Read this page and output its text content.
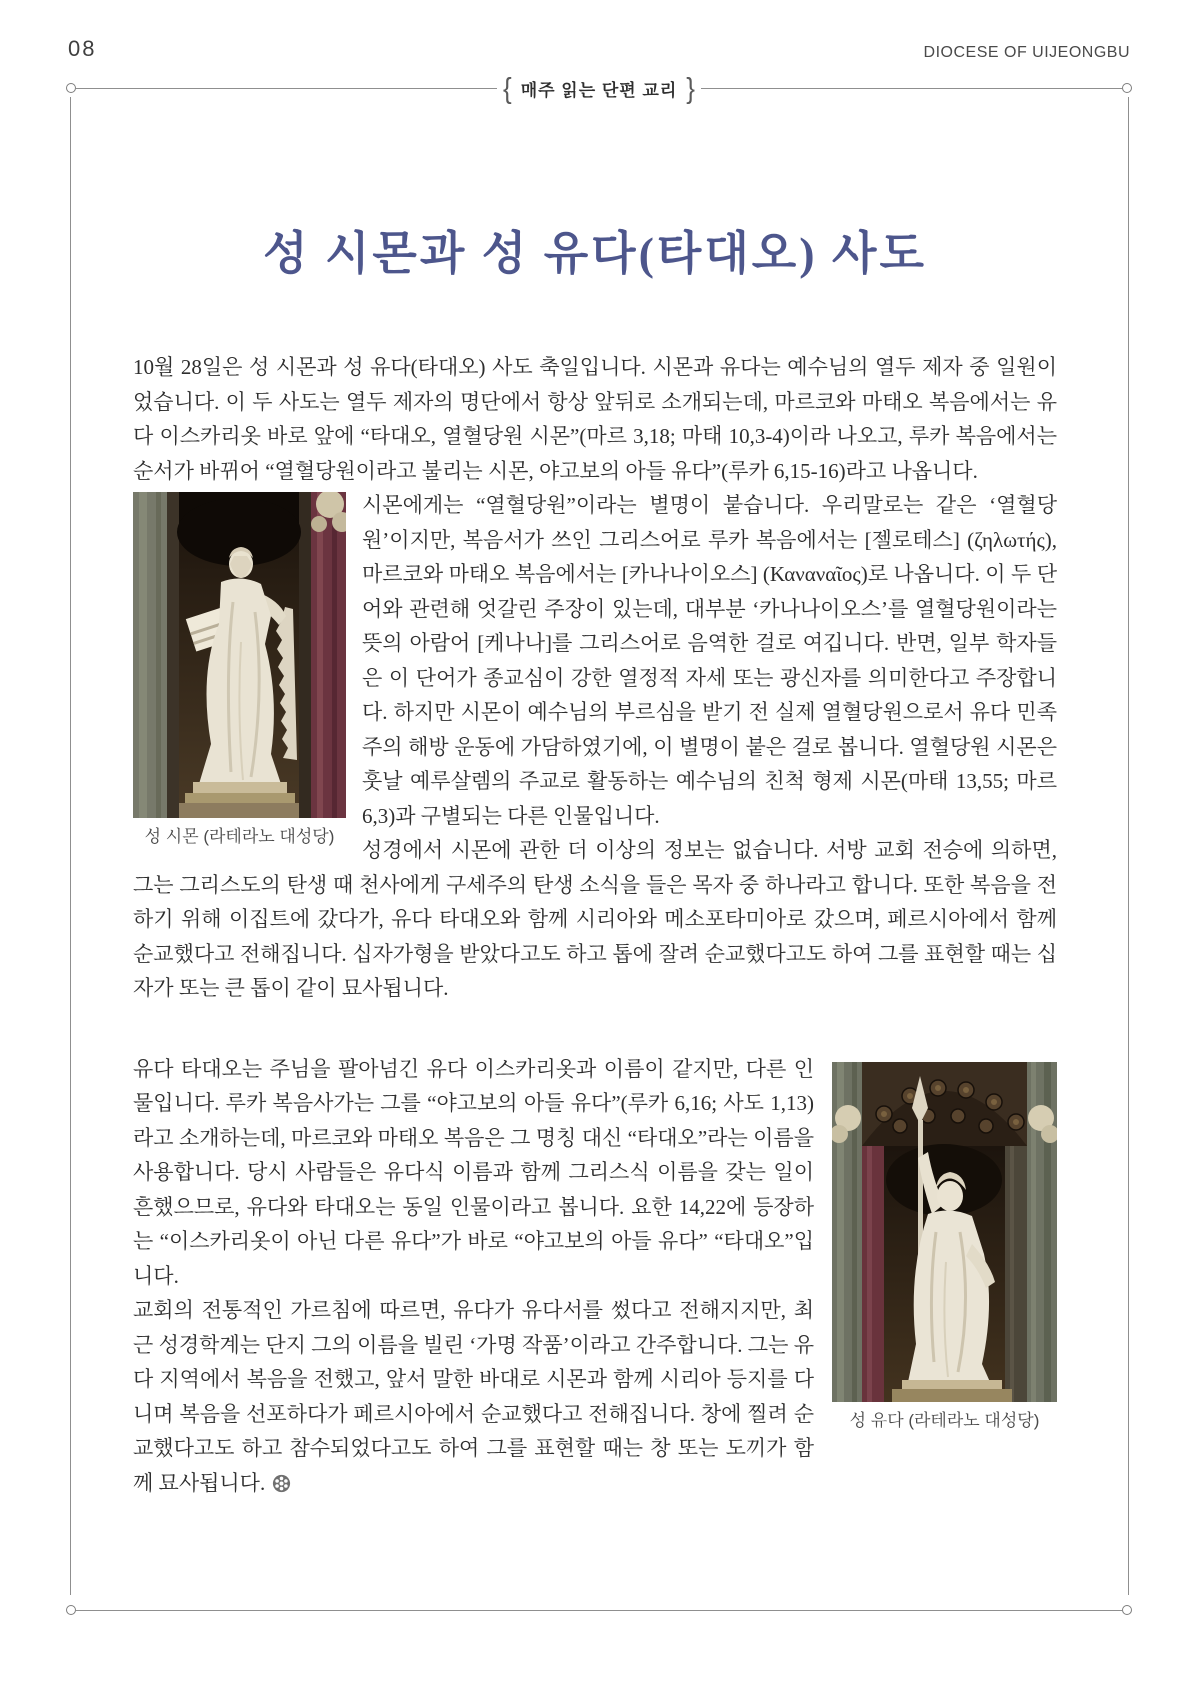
08	DIOCESE OF UIJEONGBU
{ 매주 읽는 단편 교리 }
성 시몬과 성 유다(타대오) 사도

10월 28일은 성 시몬과 성 유다(타대오) 사도 축일입니다. 시몬과 유다는 예수님의 열두 제자 중 일원이었습니다. 이 두 사도는 열두 제자의 명단에서 항상 앞뒤로 소개되는데, 마르코와 마태오 복음에서는 유다 이스카리옷 바로 앞에 “타대오, 열혈당원 시몬”(마르 3,18; 마태 10,3-4)이라 나오고, 루카 복음에서는 순서가 바뀌어 “열혈당원이라고 불리는 시몬, 야고보의 아들 유다”(루카 6,15-16)라고 나옵니다.

성 시몬 (라테라노 대성당)

시몬에게는 “열혈당원”이라는 별명이 붙습니다. 우리말로는 같은 ‘열혈당원’이지만, 복음서가 쓰인 그리스어로 루카 복음에서는 [젤로테스] (ζηλωτής), 마르코와 마태오 복음에서는 [카나나이오스] (Καναναῖος)로 나옵니다. 이 두 단어와 관련해 엇갈린 주장이 있는데, 대부분 ‘카나나이오스’를 열혈당원이라는 뜻의 아람어 [케나나]를 그리스어로 음역한 걸로 여깁니다. 반면, 일부 학자들은 이 단어가 종교심이 강한 열정적 자세 또는 광신자를 의미한다고 주장합니다. 하지만 시몬이 예수님의 부르심을 받기 전 실제 열혈당원으로서 유다 민족주의 해방 운동에 가담하였기에, 이 별명이 붙은 걸로 봅니다. 열혈당원 시몬은 훗날 예루살렘의 주교로 활동하는 예수님의 친척 형제 시몬(마태 13,55; 마르 6,3)과 구별되는 다른 인물입니다.

성경에서 시몬에 관한 더 이상의 정보는 없습니다. 서방 교회 전승에 의하면, 그는 그리스도의 탄생 때 천사에게 구세주의 탄생 소식을 들은 목자 중 하나라고 합니다. 또한 복음을 전하기 위해 이집트에 갔다가, 유다 타대오와 함께 시리아와 메소포타미아로 갔으며, 페르시아에서 함께 순교했다고 전해집니다. 십자가형을 받았다고도 하고 톱에 잘려 순교했다고도 하여 그를 표현할 때는 십자가 또는 큰 톱이 같이 묘사됩니다.

성 유다 (라테라노 대성당)

유다 타대오는 주님을 팔아넘긴 유다 이스카리옷과 이름이 같지만, 다른 인물입니다. 루카 복음사가는 그를 “야고보의 아들 유다”(루카 6,16; 사도 1,13)라고 소개하는데, 마르코와 마태오 복음은 그 명칭 대신 “타대오”라는 이름을 사용합니다. 당시 사람들은 유다식 이름과 함께 그리스식 이름을 갖는 일이 흔했으므로, 유다와 타대오는 동일 인물이라고 봅니다. 요한 14,22에 등장하는 “이스카리옷이 아닌 다른 유다”가 바로 “야고보의 아들 유다” “타대오”입니다.

교회의 전통적인 가르침에 따르면, 유다가 유다서를 썼다고 전해지지만, 최근 성경학계는 단지 그의 이름을 빌린 ‘가명 작품’이라고 간주합니다. 그는 유다 지역에서 복음을 전했고, 앞서 말한 바대로 시몬과 함께 시리아 등지를 다니며 복음을 선포하다가 페르시아에서 순교했다고 전해집니다. 창에 찔려 순교했다고도 하고 참수되었다고도 하여 그를 표현할 때는 창 또는 도끼가 함께 묘사됩니다.
